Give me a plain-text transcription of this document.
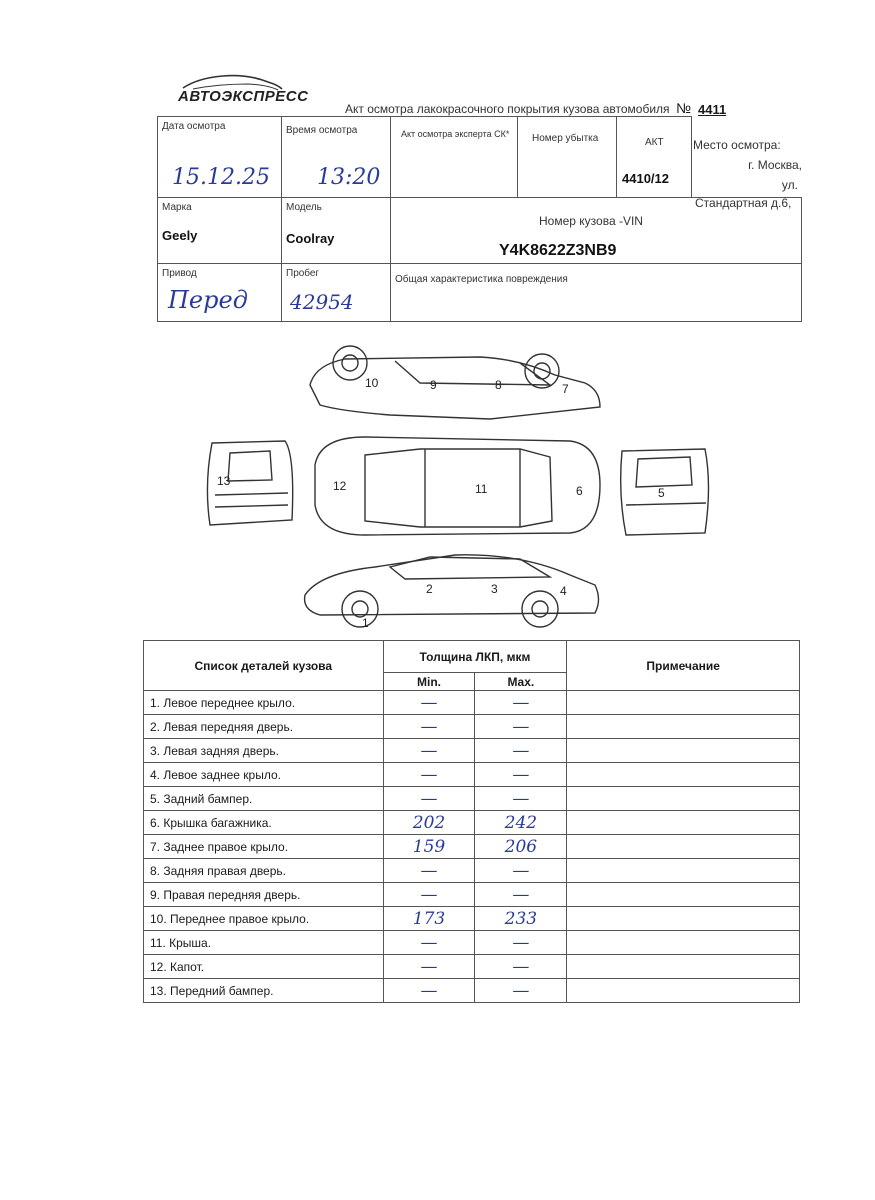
АВТОЭКСПРЕСС
Акт осмотра лакокрасочного покрытия кузова автомобиля № 4411
Дата осмотра
15.12.25
Время осмотра
13:20
Акт осмотра эксперта СК* Номер убытка	АКТ
4410/12
Место осмотра:
г. Москва,
ул.
Стандартная д.6,
Марка
Geely
Модель
Coolray
Номер кузова -VIN
Y4K8622Z3NB9
Привод
Перед
Пробег
42954
Общая характеристика повреждения
1
2	3	4
5
6
7
8
9
10
11
12
13
Список деталей кузова	Толщина ЛКП, мкм		Примечание
	Min.	Max.	
1. Левое переднее крыло.	—	—	
2. Левая передняя дверь.	—	—	
3. Левая задняя дверь.	—	—	
4. Левое заднее крыло.	—	—	
5. Задний бампер.	—	—	
6. Крышка багажника.	202	242	
7. Заднее правое крыло.	159	206	
8. Задняя правая дверь.	—	—	
9. Правая передняя дверь.	—	—	
10. Переднее правое крыло.	173	233	
11. Крыша.	—	—	
12. Капот.	—	—	
13. Передний бампер.	—	—	
